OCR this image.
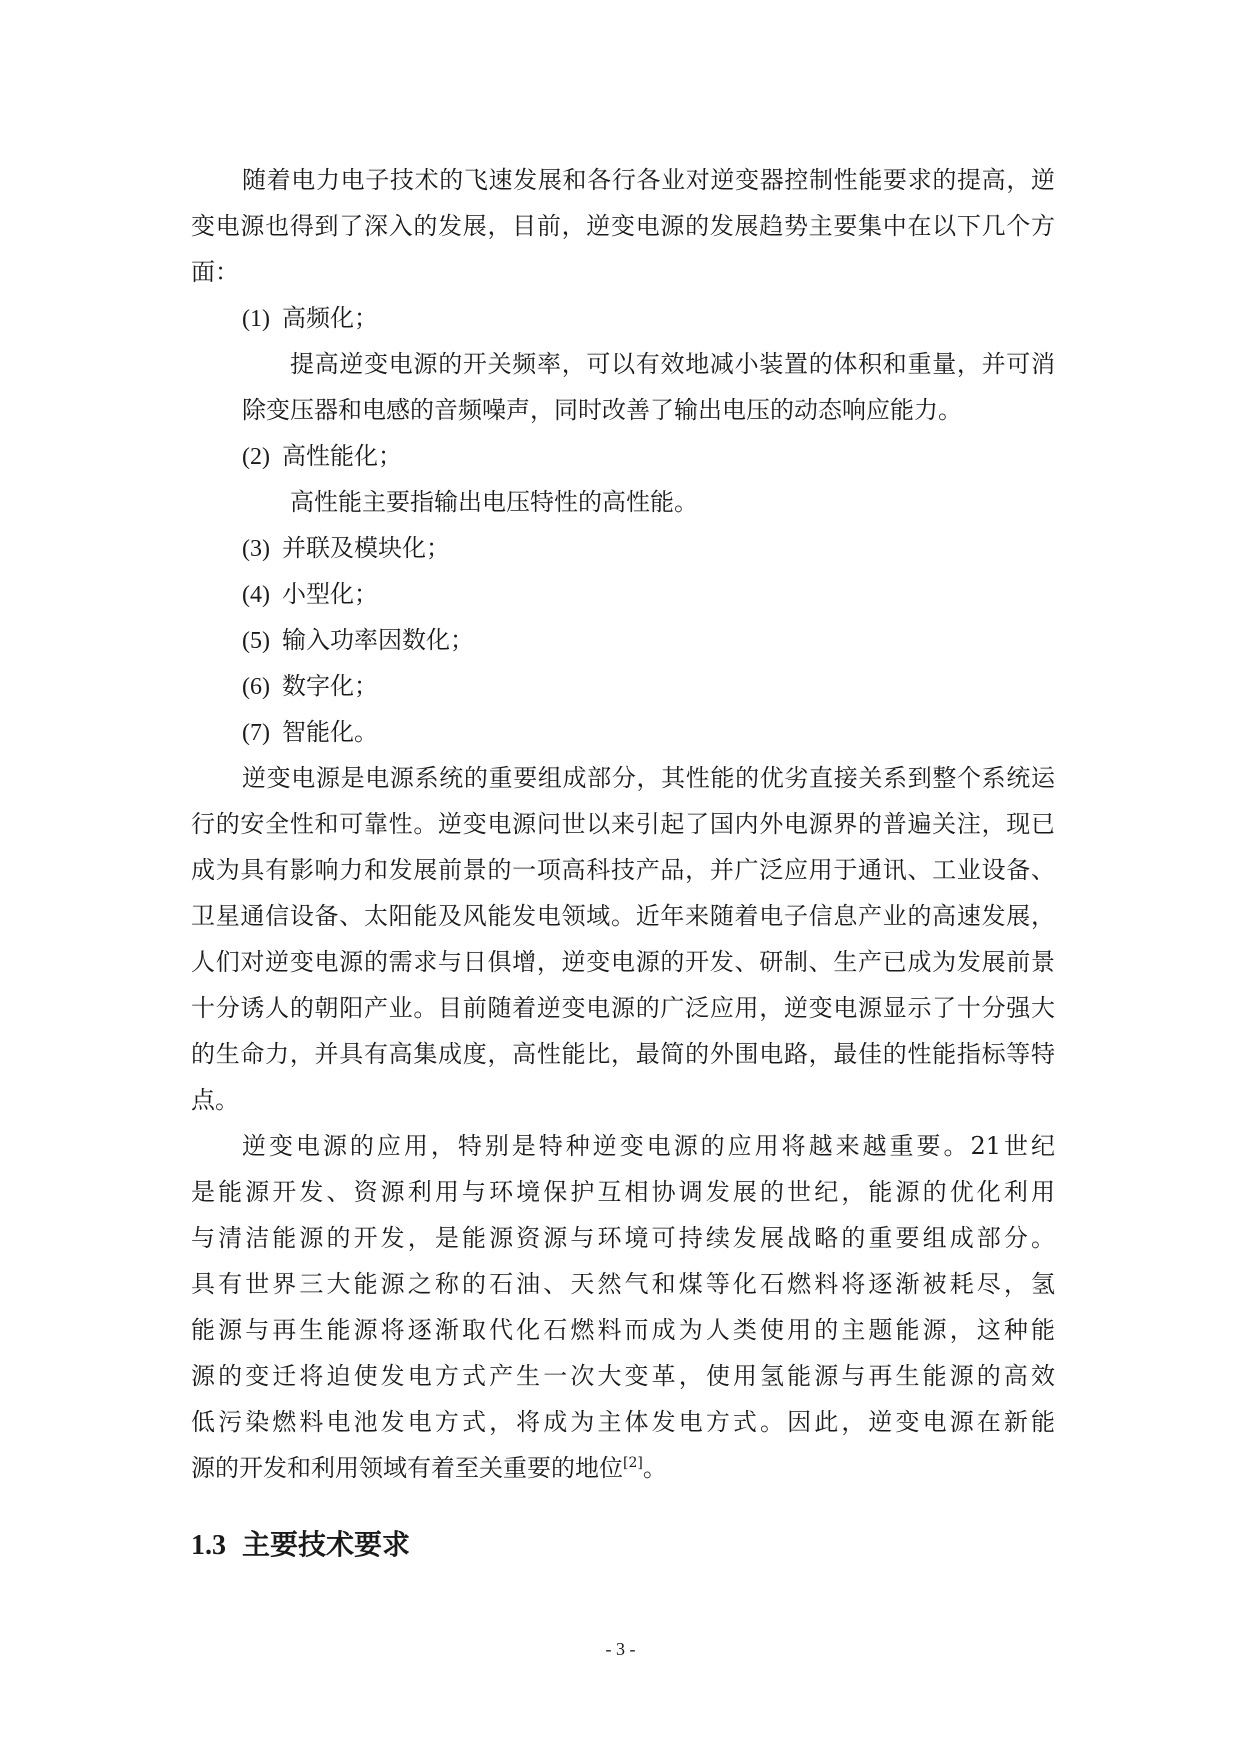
随着电力电子技术的飞速发展和各行各业对逆变器控制性能要求的提高，逆
变电源也得到了深入的发展，目前，逆变电源的发展趋势主要集中在以下几个方
面：
(1) 高频化；
提高逆变电源的开关频率，可以有效地减小装置的体积和重量，并可消
除变压器和电感的音频噪声，同时改善了输出电压的动态响应能力。
(2) 高性能化；
高性能主要指输出电压特性的高性能。
(3) 并联及模块化；
(4) 小型化；
(5) 输入功率因数化；
(6) 数字化；
(7) 智能化。
逆变电源是电源系统的重要组成部分，其性能的优劣直接关系到整个系统运
行的安全性和可靠性。逆变电源问世以来引起了国内外电源界的普遍关注，现已
成为具有影响力和发展前景的一项高科技产品，并广泛应用于通讯、工业设备、
卫星通信设备、太阳能及风能发电领域。近年来随着电子信息产业的高速发展，
人们对逆变电源的需求与日俱增，逆变电源的开发、研制、生产已成为发展前景
十分诱人的朝阳产业。目前随着逆变电源的广泛应用，逆变电源显示了十分强大
的生命力，并具有高集成度，高性能比，最简的外围电路，最佳的性能指标等特
点。
逆变电源的应用，特别是特种逆变电源的应用将越来越重要。21世纪
是能源开发、资源利用与环境保护互相协调发展的世纪，能源的优化利用
与清洁能源的开发，是能源资源与环境可持续发展战略的重要组成部分。
具有世界三大能源之称的石油、天然气和煤等化石燃料将逐渐被耗尽，氢
能源与再生能源将逐渐取代化石燃料而成为人类使用的主题能源，这种能
源的变迁将迫使发电方式产生一次大变革，使用氢能源与再生能源的高效
低污染燃料电池发电方式，将成为主体发电方式。因此，逆变电源在新能
源的开发和利用领域有着至关重要的地位[2]。
1.3 主要技术要求
- 3 -
